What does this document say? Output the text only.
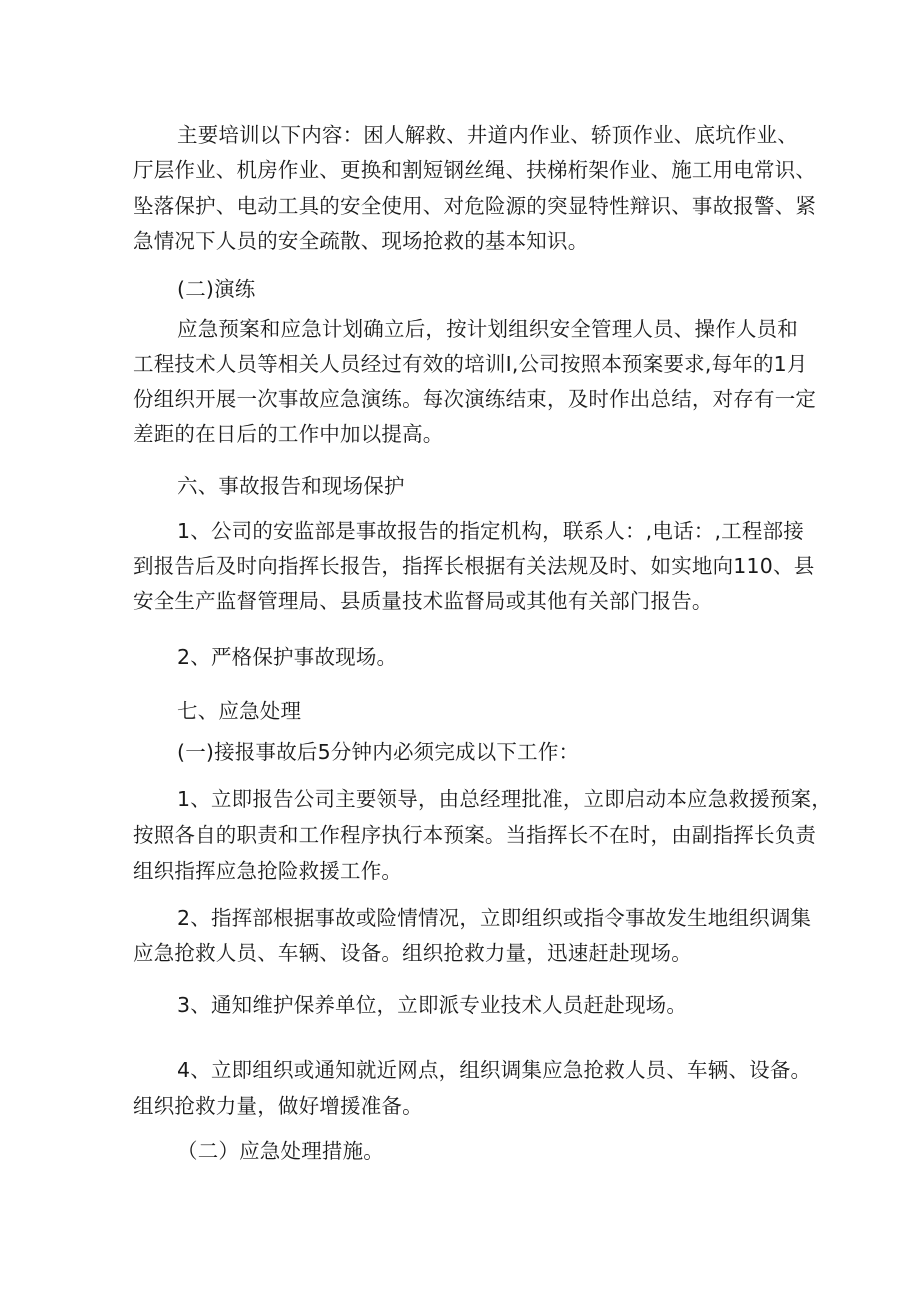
主要培训以下内容：困人解救、井道内作业、轿顶作业、底坑作业、
厅层作业、机房作业、更换和割短钢丝绳、扶梯桁架作业、施工用电常识、
坠落保护、电动工具的安全使用、对危险源的突显特性辩识、事故报警、紧
急情况下人员的安全疏散、现场抢救的基本知识。
(二)演练
应急预案和应急计划确立后，按计划组织安全管理人员、操作人员和
工程技术人员等相关人员经过有效的培训I,公司按照本预案要求,每年的1月
份组织开展一次事故应急演练。每次演练结束，及时作出总结，对存有一定
差距的在日后的工作中加以提高。
六、事故报告和现场保护
1、公司的安监部是事故报告的指定机构，联系人：,电话：,工程部接
到报告后及时向指挥长报告，指挥长根据有关法规及时、如实地向110、县
安全生产监督管理局、县质量技术监督局或其他有关部门报告。
2、严格保护事故现场。
七、应急处理
(一)接报事故后5分钟内必须完成以下工作：
1、立即报告公司主要领导，由总经理批准，立即启动本应急救援预案，
按照各自的职责和工作程序执行本预案。当指挥长不在时，由副指挥长负责
组织指挥应急抢险救援工作。
2、指挥部根据事故或险情情况，立即组织或指令事故发生地组织调集
应急抢救人员、车辆、设备。组织抢救力量，迅速赶赴现场。
3、通知维护保养单位，立即派专业技术人员赶赴现场。
4、立即组织或通知就近网点，组织调集应急抢救人员、车辆、设备。
组织抢救力量，做好增援准备。
（二）应急处理措施。
